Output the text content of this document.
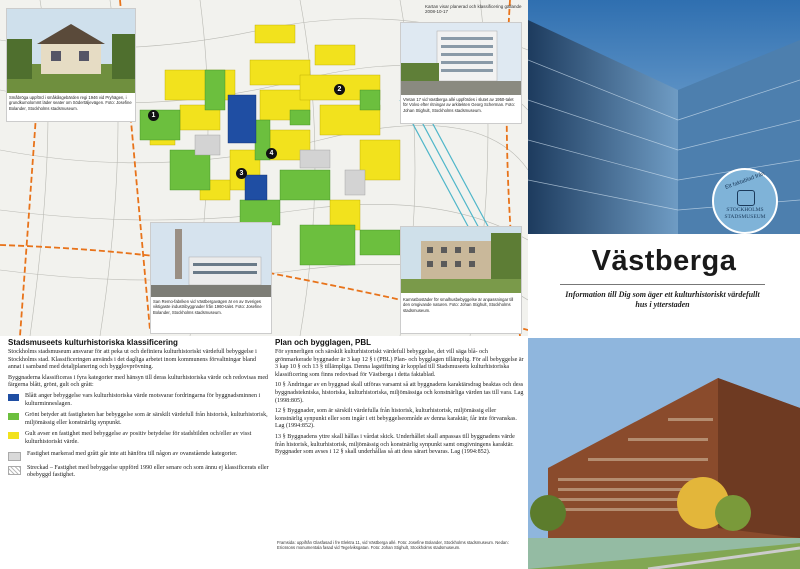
Kartan visar planerad och klassificering gällande 2008-10-17
Småbröga uppförd i småkåsgebärden regi 1946 vid Pryhägen, i grundkumolommt läder seater om Södertäljevägen. Foto: Josefine Bolander, Stockholms stadsmuseum.
Vretan 17 vid Vastberga allé uppfördes i slutet av 1950-talet för Volvo efter ritningar av arkitekten Georg Scherman. Foto: Johan Stighult, Stockholms stadsmuseum.
San Remo-fabriken vid Västbergavägen är en av Sveriges viktigaste industribyggnader från 1960-talet. Foto: Josefine Bolander, Stockholms stadsmuseum.
Kamratbostäder för smalhusbebyggelse är anpassningar till den omgivande naturen. Foto: Johan Stighult, Stockholms stadsmuseum.
1
2
3
4
Stadsmuseets kulturhistoriska klassificering

Stockholms stadsmuseum ansvarar för att peka ut och definiera kulturhistoriskt värdefull bebyggelse i Stockholms stad. Klassificeringen används i det dagliga arbetet inom kommunens förvaltningar bland annat i samband med detaljplanering och bygglovprövning.

Byggnaderna klassificeras i fyra kategorier med hänsyn till deras kulturhistoriska värde och redovisas med färgerna blått, grönt, gult och grått:

Blått anger bebyggelse vars kulturhistoriska värde motsvarar fordringarna för byggnadsminnen i kulturminneslagen.

Grönt betyder att fastigheten har bebyggelse som är särskilt värdefull från historisk, kulturhistorisk, miljömässig eller konstnärlig synpunkt.

Gult avser en fastighet med bebyggelse av positiv betydelse för stadsbilden och/eller av visst kulturhistoriskt värde.

Fastighet markerad med grått går inte att hänföra till någon av ovanstående kategorier.

Streckad – Fastighet med bebyggelse uppförd 1990 eller senare och som ännu ej klassificerats eller obebyggd fastighet.

Plan och bygglagen, PBL

För synnerligen och särskilt kulturhistoriskt värdefull bebyggelse, det vill säga blå- och grönmarkerade byggnader är 3 kap 12 § i (PBL) Plan- och bygglagen tillämplig. För all bebyggelse är 3 kap 10 § och 13 § tillämpliga. Denna lagstiftning är kopplad till Stadsmuseets kulturhistoriska klassificering som finns redovisad för Västberga i detta faktablad.

10 § Ändringar av en byggnad skall utföras varsamt så att byggnadens karaktärsdrag beaktas och dess byggnadstekniska, historiska, kulturhistoriska, miljömässiga och konstnärliga värden tas till vara. Lag (1998:805).

12 § Byggnader, som är särskilt värdefulla från historisk, kulturhistorisk, miljömässig eller konstnärlig synpunkt eller som ingår i ett bebyggelseområde av denna karaktär, får inte förvanskas. Lag (1994:852).

13 § Byggnadens yttre skall hållas i vårdat skick. Underhållet skall anpassas till byggnadens värde från historisk, kulturhistorisk, miljömässig och konstnärlig synpunkt samt omgivningens karaktär. Byggnader som avses i 12 § skall underhållas så att dess särart bevaras. Lag (1994:852).

Framsida: uppifrån Glasfasad i fre Elektra 11, vid Västberga allé. Foto: Josefine Bolander, Stockholms stadsmuseum. Nedan: Ericssons monumentala fasad vid Tegelviksgatan. Foto: Johan Stighult, Stockholms stadsmuseum.
Ett faktablad från
STOCKHOLMS
STADSMUSEUM
Västberga
Information till Dig som äger ett kulturhistoriskt värdefullt hus i ytterstaden
